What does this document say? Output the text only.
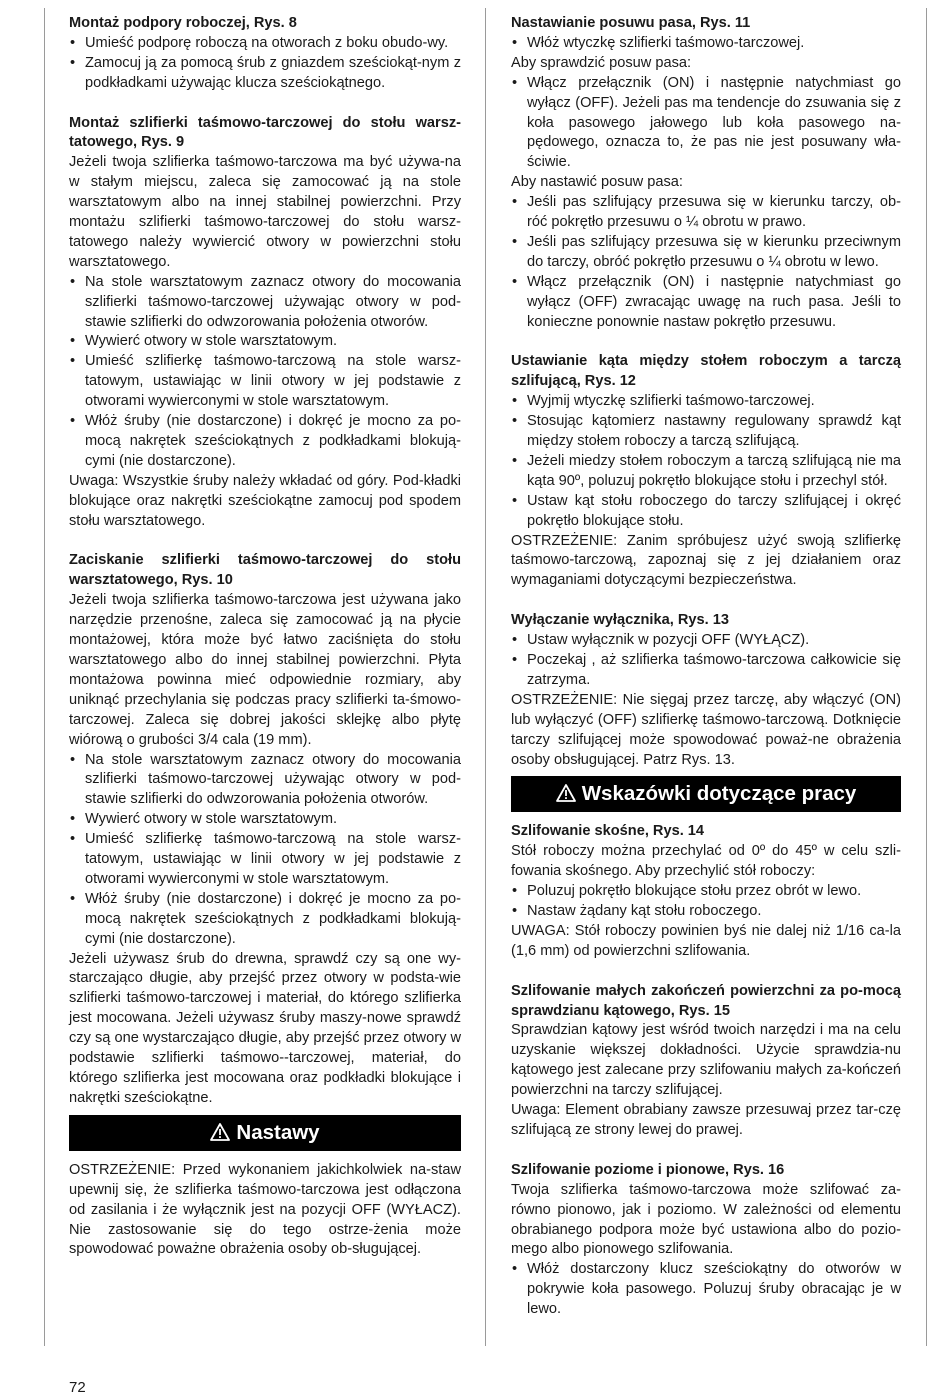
Montaż podpory roboczej, Rys. 8
• Umieść podporę roboczą na otworach z boku obudo-wy.
• Zamocuj ją za pomocą śrub z gniazdem sześciokąt-nym z podkładkami używając klucza sześciokątnego.
Montaż szlifierki taśmowo-tarczowej do stołu warsz-tatowego, Rys. 9
Jeżeli twoja szlifierka taśmowo-tarczowa ma być używa-na w stałym miejscu, zaleca się zamocować ją na stole warsztatowym albo na innej stabilnej powierzchni. Przy montażu szlifierki taśmowo-tarczowej do stołu warsz-tatowego należy wywiercić otwory w powierzchni stołu warsztatowego.
• Na stole warsztatowym zaznacz otwory do mocowania szlifierki taśmowo-tarczowej używając otwory w pod-stawie szlifierki do odwzorowania położenia otworów.
• Wywierć otwory w stole warsztatowym.
• Umieść szlifierkę taśmowo-tarczową na stole warsz-tatowym, ustawiając w linii otwory w jej podstawie z otworami wywierconymi w stole warsztatowym.
• Włóż śruby (nie dostarczone) i dokręć je mocno za po-mocą nakrętek sześciokątnych z podkładkami blokują-cymi (nie dostarczone).
Uwaga: Wszystkie śruby należy wkładać od góry. Pod-kładki blokujące oraz nakrętki sześciokątne zamocuj pod spodem stołu warsztatowego.
Zaciskanie szlifierki taśmowo-tarczowej do stołu warsztatowego, Rys. 10
Jeżeli twoja szlifierka taśmowo-tarczowa jest używana jako narzędzie przenośne, zaleca się zamocować ją na płycie montażowej, która może być łatwo zaciśnięta do stołu warsztatowego albo do innej stabilnej powierzchni. Płyta montażowa powinna mieć odpowiednie rozmiary, aby uniknąć przechylania się podczas pracy szlifierki ta-śmowo-tarczowej. Zaleca się dobrej jakości sklejkę albo płytę wiórową o grubości 3/4 cala (19 mm).
• Na stole warsztatowym zaznacz otwory do mocowania szlifierki taśmowo-tarczowej używając otwory w pod-stawie szlifierki do odwzorowania położenia otworów.
• Wywierć otwory w stole warsztatowym.
• Umieść szlifierkę taśmowo-tarczową na stole warsz-tatowym, ustawiając w linii otwory w jej podstawie z otworami wywierconymi w stole warsztatowym.
• Włóż śruby (nie dostarczone) i dokręć je mocno za po-mocą nakrętek sześciokątnych z podkładkami blokują-cymi (nie dostarczone).
Jeżeli używasz śrub do drewna, sprawdź czy są one wy-starczająco długie, aby przejść przez otwory w podsta-wie szlifierki taśmowo-tarczowej i materiał, do którego szlifierka jest mocowana. Jeżeli używasz śruby maszy-nowe sprawdź czy są one wystarczająco długie, aby przejść przez otwory w podstawie szlifierki taśmowo--tarczowej, materiał, do którego szlifierka jest mocowana oraz podkładki blokujące i nakrętki sześciokątne.
Nastawy
OSTRZEŻENIE: Przed wykonaniem jakichkolwiek na-staw upewnij się, że szlifierka taśmowo-tarczowa jest odłączona od zasilania i że wyłącznik jest na pozycji OFF (WYŁACZ). Nie zastosowanie się do tego ostrze-żenia może spowodować poważne obrażenia osoby ob-sługującej.
Nastawianie posuwu pasa, Rys. 11
• Włóż wtyczkę szlifierki taśmowo-tarczowej.
Aby sprawdzić posuw pasa:
• Włącz przełącznik (ON) i następnie natychmiast go wyłącz (OFF). Jeżeli pas ma tendencje do zsuwania się z koła pasowego jałowego lub koła pasowego na-pędowego, oznacza to, że pas nie jest posuwany wła-ściwie.
Aby nastawić posuw pasa:
• Jeśli pas szlifujący przesuwa się w kierunku tarczy, ob-róć pokrętło przesuwu o ¼ obrotu w prawo.
• Jeśli pas szlifujący przesuwa się w kierunku przeciwnym do tarczy, obróć pokrętło przesuwu o ¼ obrotu w lewo.
• Włącz przełącznik (ON) i następnie natychmiast go wyłącz (OFF) zwracając uwagę na ruch pasa. Jeśli to konieczne ponownie nastaw pokrętło przesuwu.
Ustawianie kąta między stołem roboczym a tarczą szlifującą, Rys. 12
• Wyjmij wtyczkę szlifierki taśmowo-tarczowej.
• Stosując kątomierz nastawny regulowany sprawdź kąt między stołem roboczy a tarczą szlifującą.
• Jeżeli miedzy stołem roboczym a tarczą szlifującą nie ma kąta 90º, poluzuj pokrętło blokujące stołu i przechyl stół.
• Ustaw kąt stołu roboczego do tarczy szlifującej i okręć pokrętło blokujące stołu.
OSTRZEŻENIE: Zanim spróbujesz użyć swoją szlifierkę taśmowo-tarczową, zapoznaj się z jej działaniem oraz wymaganiami dotyczącymi bezpieczeństwa.
Wyłączanie wyłącznika, Rys. 13
• Ustaw wyłącznik w pozycji OFF (WYŁĄCZ).
• Poczekaj , aż szlifierka taśmowo-tarczowa całkowicie się zatrzyma.
OSTRZEŻENIE: Nie sięgaj przez tarczę, aby włączyć (ON) lub wyłączyć (OFF) szlifierkę taśmowo-tarczową. Dotknięcie tarczy szlifującej może spowodować poważ-ne obrażenia osoby obsługującej. Patrz Rys. 13.
Wskazówki dotyczące pracy
Szlifowanie skośne, Rys. 14
Stół roboczy można przechylać od 0º do 45º w celu szli-fowania skośnego. Aby przechylić stół roboczy:
• Poluzuj pokrętło blokujące stołu przez obrót w lewo.
• Nastaw żądany kąt stołu roboczego.
UWAGA: Stół roboczy powinien byś nie dalej niż 1/16 ca-la (1,6 mm) od powierzchni szlifowania.
Szlifowanie małych zakończeń powierzchni za po-mocą sprawdzianu kątowego, Rys. 15
Sprawdzian kątowy jest wśród twoich narzędzi i ma na celu uzyskanie większej dokładności. Użycie sprawdzia-nu kątowego jest zalecane przy szlifowaniu małych za-kończeń powierzchni na tarczy szlifującej.
Uwaga: Element obrabiany zawsze przesuwaj przez tar-czę szlifującą ze strony lewej do prawej.
Szlifowanie poziome i pionowe, Rys. 16
Twoja szlifierka taśmowo-tarczowa może szlifować za-równo pionowo, jak i poziomo. W zależności od elementu obrabianego podpora może być ustawiona albo do pozio-mego albo pionowego szlifowania.
• Włóż dostarczony klucz sześciokątny do otworów w pokrywie koła pasowego. Poluzuj śruby obracając je w lewo.
72
